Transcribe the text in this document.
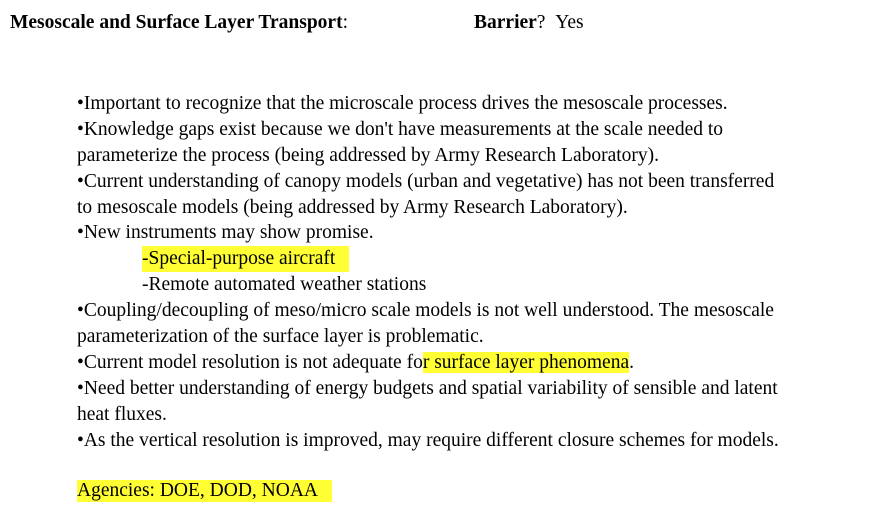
Mesoscale and Surface Layer Transport:	Barrier? Yes
•Important to recognize that the microscale process drives the mesoscale processes.
•Knowledge gaps exist because we don't have measurements at the scale needed to
parameterize the process (being addressed by Army Research Laboratory).
•Current understanding of canopy models (urban and vegetative) has not been transferred
to mesoscale models (being addressed by Army Research Laboratory).
•New instruments may show promise.
-Special-purpose aircraft
-Remote automated weather stations
•Coupling/decoupling of meso/micro scale models is not well understood. The mesoscale
parameterization of the surface layer is problematic.
•Current model resolution is not adequate for surface layer phenomena.
•Need better understanding of energy budgets and spatial variability of sensible and latent
heat fluxes.
•As the vertical resolution is improved, may require different closure schemes for models.
Agencies: DOE, DOD, NOAA
